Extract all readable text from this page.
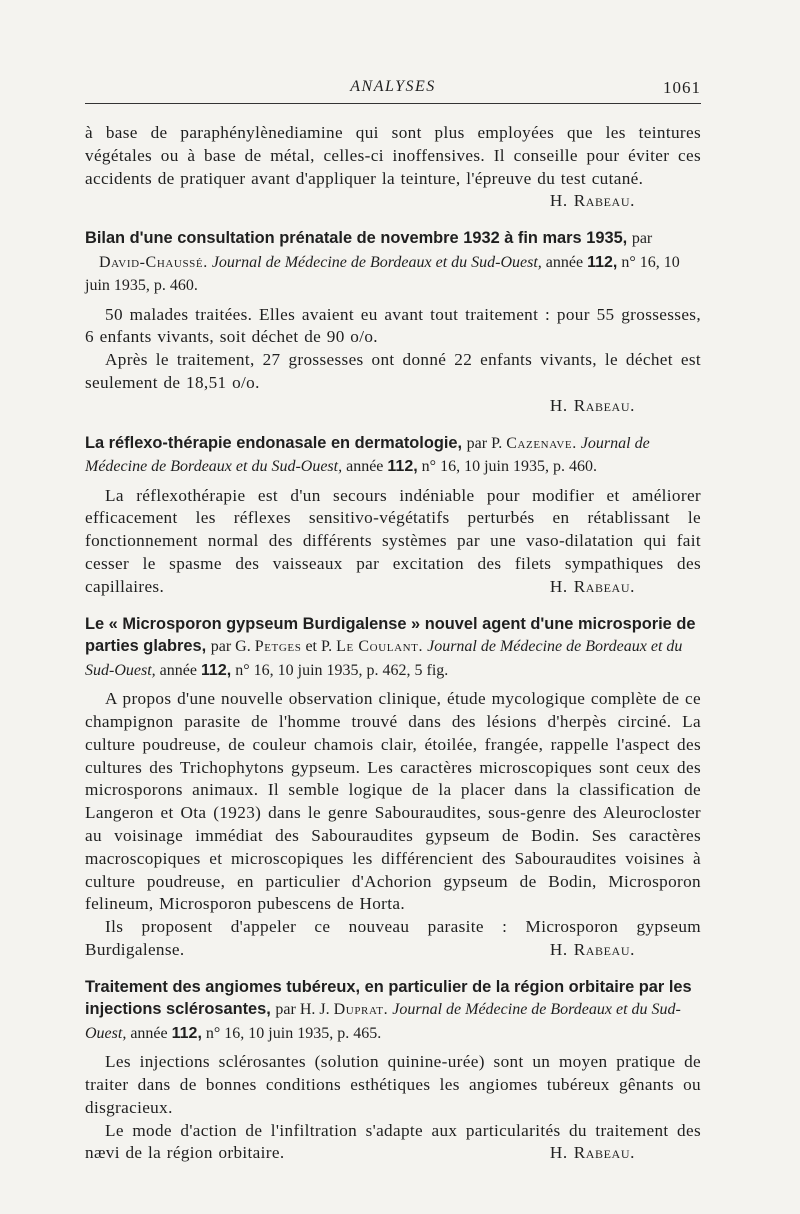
ANALYSES	1061

à base de paraphénylènediamine qui sont plus employées que les teintures végétales ou à base de métal, celles-ci inoffensives. Il conseille pour éviter ces accidents de pratiquer avant d'appliquer la teinture, l'épreuve du test cutané.
H. Rabeau.

Bilan d'une consultation prénatale de novembre 1932 à fin mars 1935, par David-Chaussé. Journal de Médecine de Bordeaux et du Sud-Ouest, année 112, n° 16, 10 juin 1935, p. 460.

50 malades traitées. Elles avaient eu avant tout traitement : pour 55 grossesses, 6 enfants vivants, soit déchet de 90 o/o.

Après le traitement, 27 grossesses ont donné 22 enfants vivants, le déchet est seulement de 18,51 o/o.

H. Rabeau.

La réflexo-thérapie endonasale en dermatologie, par P. Cazenave. Journal de Médecine de Bordeaux et du Sud-Ouest, année 112, n° 16, 10 juin 1935, p. 460.

La réflexothérapie est d'un secours indéniable pour modifier et améliorer efficacement les réflexes sensitivo-végétatifs perturbés en rétablissant le fonctionnement normal des différents systèmes par une vaso-dilatation qui fait cesser le spasme des vaisseaux par excitation des filets sympathiques des capillaires.	H. Rabeau.

Le « Microsporon gypseum Burdigalense » nouvel agent d'une microsporie de parties glabres, par G. Petges et P. Le Coulant. Journal de Médecine de Bordeaux et du Sud-Ouest, année 112, n° 16, 10 juin 1935, p. 462, 5 fig.

A propos d'une nouvelle observation clinique, étude mycologique complète de ce champignon parasite de l'homme trouvé dans des lésions d'herpès circiné. La culture poudreuse, de couleur chamois clair, étoilée, frangée, rappelle l'aspect des cultures des Trichophytons gypseum. Les caractères microscopiques sont ceux des microsporons animaux. Il semble logique de la placer dans la classification de Langeron et Ota (1923) dans le genre Sabouraudites, sous-genre des Aleurocloster au voisinage immédiat des Sabouraudites gypseum de Bodin. Ses caractères macroscopiques et microscopiques les différencient des Sabouraudites voisines à culture poudreuse, en particulier d'Achorion gypseum de Bodin, Microsporon felineum, Microsporon pubescens de Horta.

Ils proposent d'appeler ce nouveau parasite : Microsporon gypseum Burdigalense.	H. Rabeau.

Traitement des angiomes tubéreux, en particulier de la région orbitaire par les injections sclérosantes, par H. J. Duprat. Journal de Médecine de Bordeaux et du Sud-Ouest, année 112, n° 16, 10 juin 1935, p. 465.

Les injections sclérosantes (solution quinine-urée) sont un moyen pratique de traiter dans de bonnes conditions esthétiques les angiomes tubéreux gênants ou disgracieux.

Le mode d'action de l'infiltration s'adapte aux particularités du traitement des nævi de la région orbitaire.	H. Rabeau.
